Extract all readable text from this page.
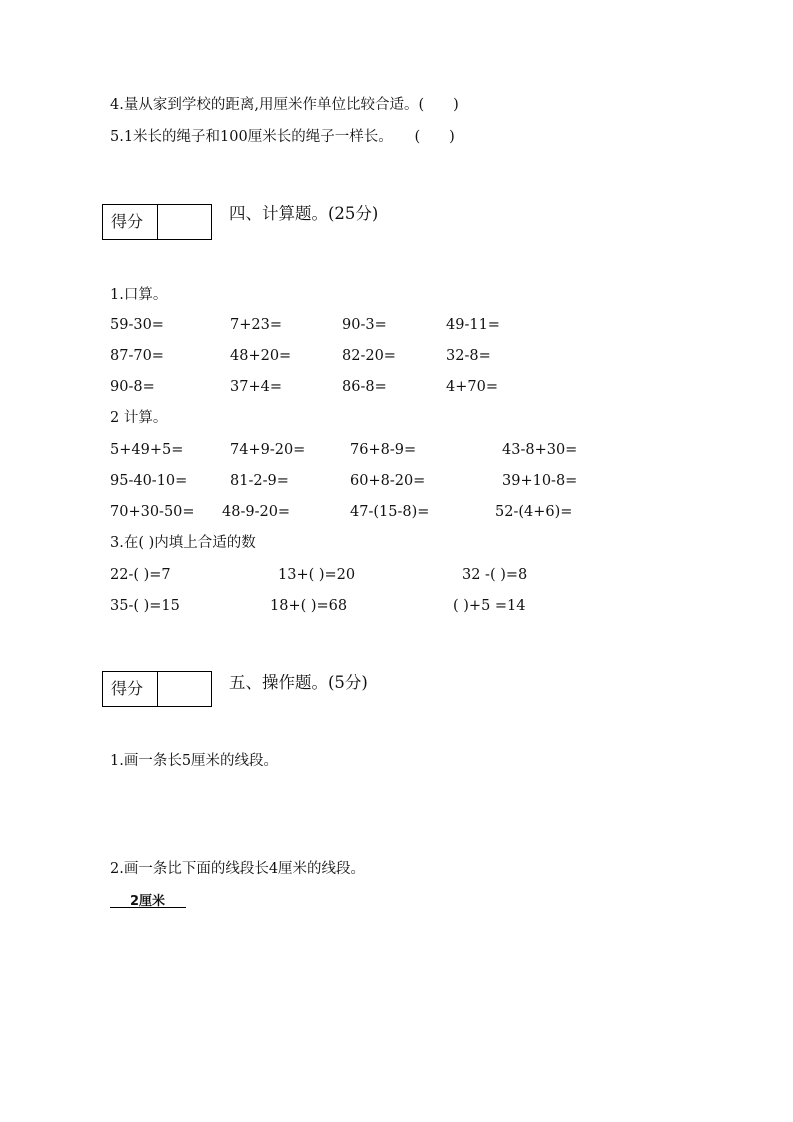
4.量从家到学校的距离,用厘米作单位比较合适。(　　)
5.1米长的绳子和100厘米长的绳子一样长。　　(　　)
得分	四、计算题。(25分)
1.口算。
59-30=	7+23=	90-3=	49-11=
87-70=	48+20=	82-20=	32-8=
90-8=	37+4=	86-8=	4+70=
2 计算。
5+49+5=	74+9-20=	76+8-9=	43-8+30=
95-40-10=	81-2-9=	60+8-20=	39+10-8=
70+30-50= 48-9-20=	47-(15-8)=	52-(4+6)=
3.在( )内填上合适的数
22-( )=7	13+( )=20	32 -( )=8
35-( )=15	18+( )=68	( )+5 =14
得分	五、操作题。(5分)
1.画一条长5厘米的线段。
2.画一条比下面的线段长4厘米的线段。
2厘米
